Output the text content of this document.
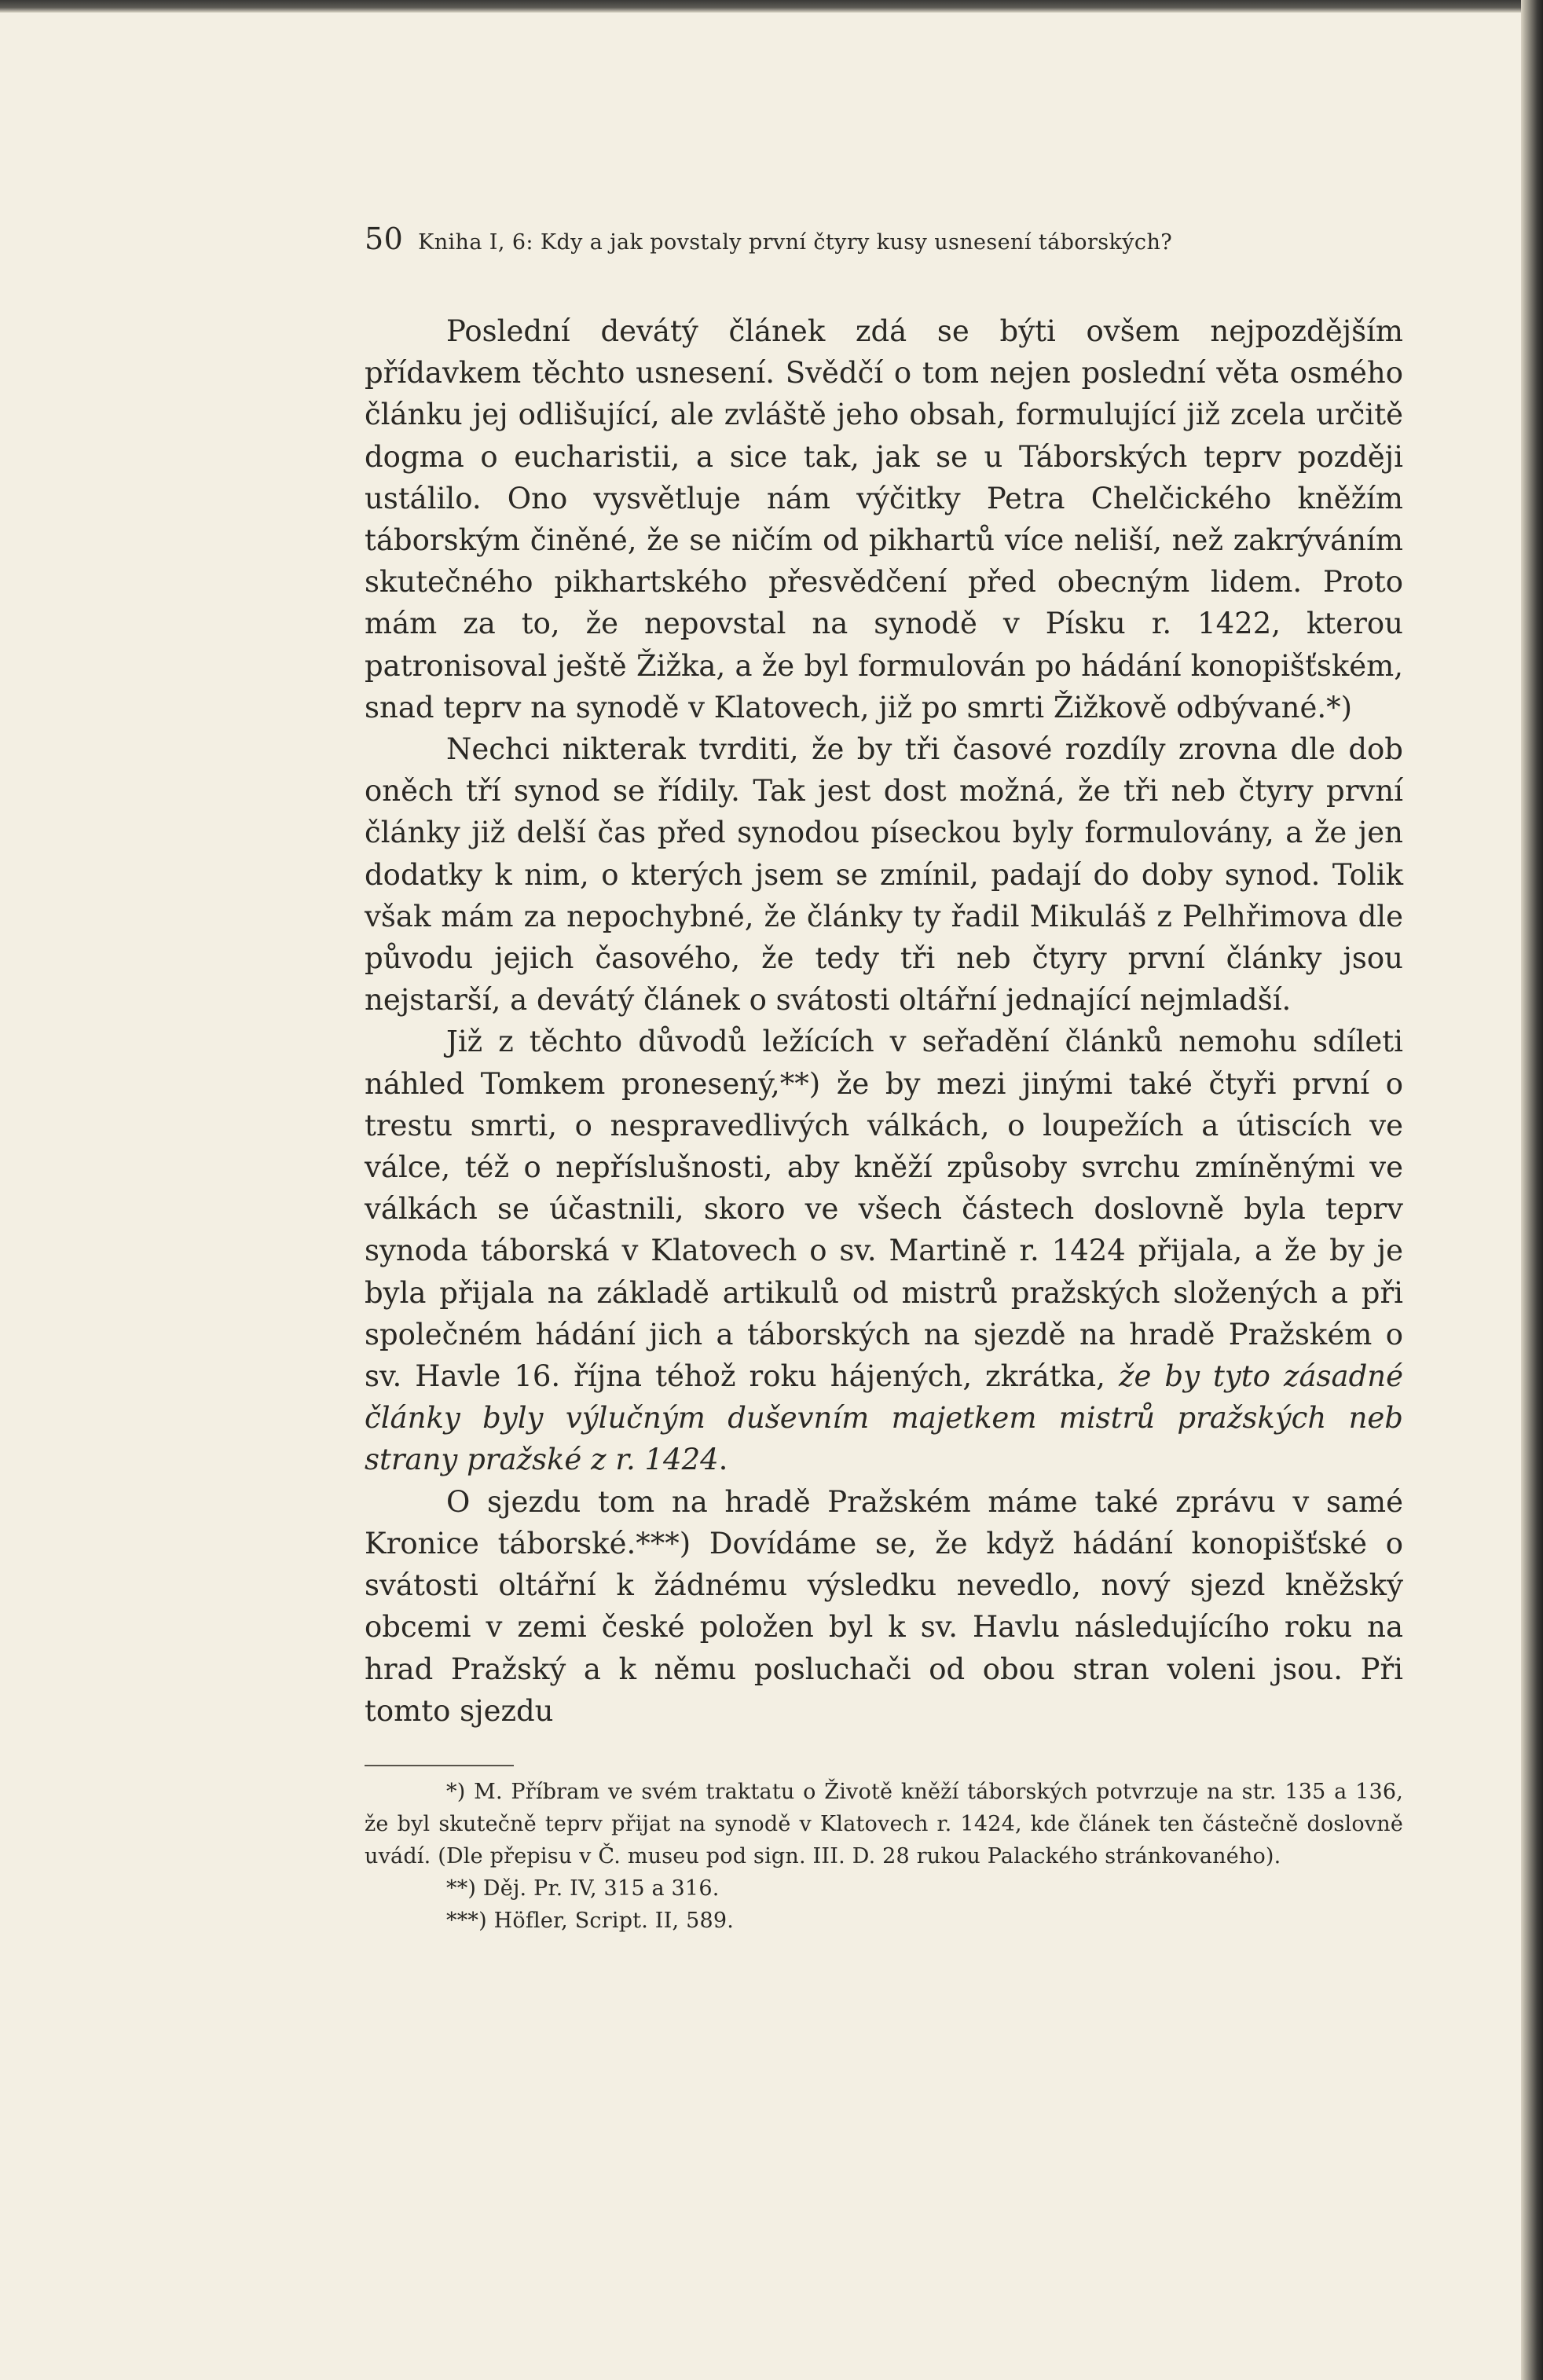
50 Kniha I, 6: Kdy a jak povstaly první čtyry kusy usnesení táborských?

Poslední devátý článek zdá se býti ovšem nejpozdějším přídavkem těchto usnesení. Svědčí o tom nejen poslední věta osmého článku jej odlišující, ale zvláště jeho obsah, formulující již zcela určitě dogma o eucharistii, a sice tak, jak se u Táborských teprv později ustálilo. Ono vysvětluje nám výčitky Petra Chelčického kněžím táborským činěné, že se ničím od pikhartů více neliší, než zakrýváním skutečného pikhartského přesvědčení před obecným lidem. Proto mám za to, že nepovstal na synodě v Písku r. 1422, kterou patronisoval ještě Žižka, a že byl formulován po hádání konopišťském, snad teprv na synodě v Klatovech, již po smrti Žižkově odbývané.*)

Nechci nikterak tvrditi, že by tři časové rozdíly zrovna dle dob oněch tří synod se řídily. Tak jest dost možná, že tři neb čtyry první články již delší čas před synodou píseckou byly formulovány, a že jen dodatky k nim, o kterých jsem se zmínil, padají do doby synod. Tolik však mám za nepochybné, že články ty řadil Mikuláš z Pelhřimova dle původu jejich časového, že tedy tři neb čtyry první články jsou nejstarší, a devátý článek o svátosti oltářní jednající nejmladší.

Již z těchto důvodů ležících v seřadění článků nemohu sdíleti náhled Tomkem pronesený,**) že by mezi jinými také čtyři první o trestu smrti, o nespravedlivých válkách, o loupežích a útiscích ve válce, též o nepříslušnosti, aby kněží způsoby svrchu zmíněnými ve válkách se účastnili, skoro ve všech částech doslovně byla teprv synoda táborská v Klatovech o sv. Martině r. 1424 přijala, a že by je byla přijala na základě artikulů od mistrů pražských složených a při společném hádání jich a táborských na sjezdě na hradě Pražském o sv. Havle 16. října téhož roku hájených, zkrátka, že by tyto zásadné články byly výlučným duševním majetkem mistrů pražských neb strany pražské z r. 1424.

O sjezdu tom na hradě Pražském máme také zprávu v samé Kronice táborské.***) Dovídáme se, že když hádání konopišťské o svátosti oltářní k žádnému výsledku nevedlo, nový sjezd kněžský obcemi v zemi české položen byl k sv. Havlu následujícího roku na hrad Pražský a k němu posluchači od obou stran voleni jsou. Při tomto sjezdu

*) M. Příbram ve svém traktatu o Životě kněží táborských potvrzuje na str. 135 a 136, že byl skutečně teprv přijat na synodě v Klatovech r. 1424, kde článek ten částečně doslovně uvádí. (Dle přepisu v Č. museu pod sign. III. D. 28 rukou Palackého stránkovaného).

**) Děj. Pr. IV, 315 a 316.

***) Höfler, Script. II, 589.
